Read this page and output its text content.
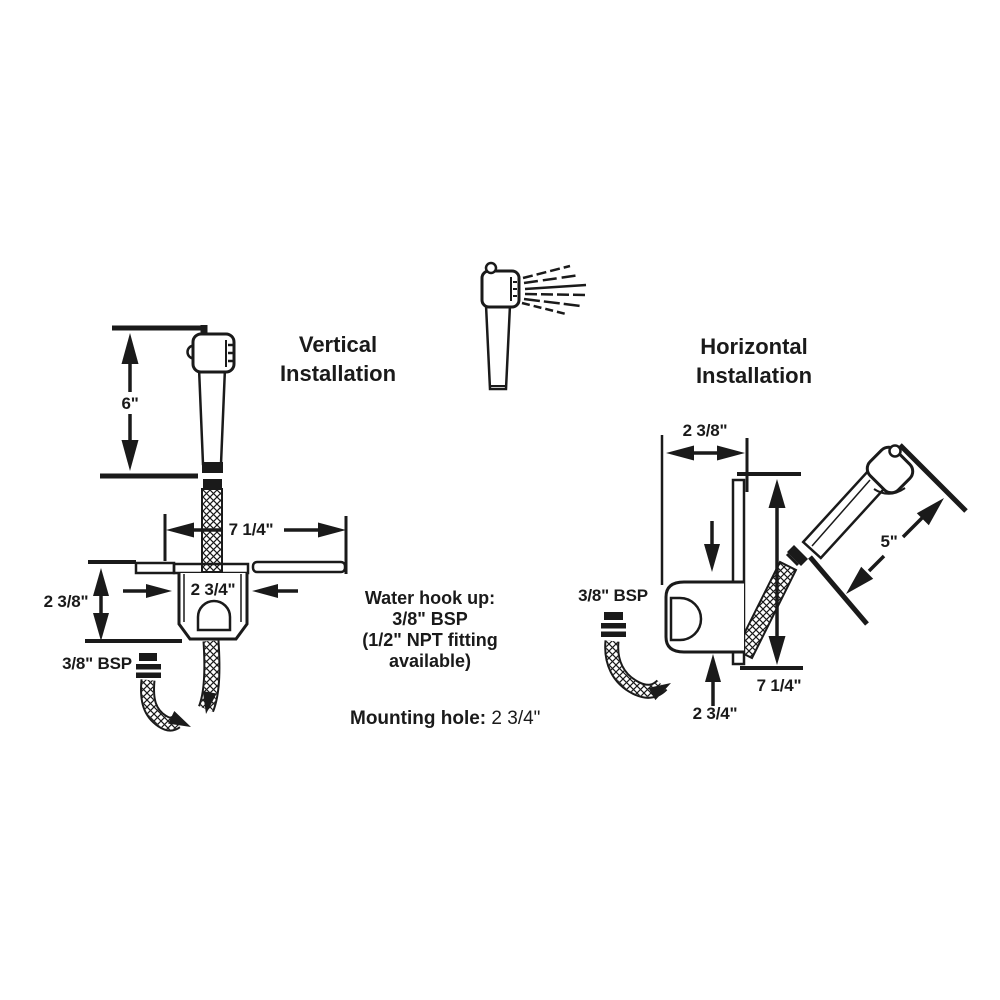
Vertical
Installation
Horizontal
Installation
6"
7 1/4"
2 3/4"
2 3/8"
3/8" BSP
2 3/8"
3/8" BSP
5"
7 1/4"
2 3/4"
Water hook up:
3/8" BSP
(1/2" NPT fitting
available)
Mounting hole: 2 3/4"
